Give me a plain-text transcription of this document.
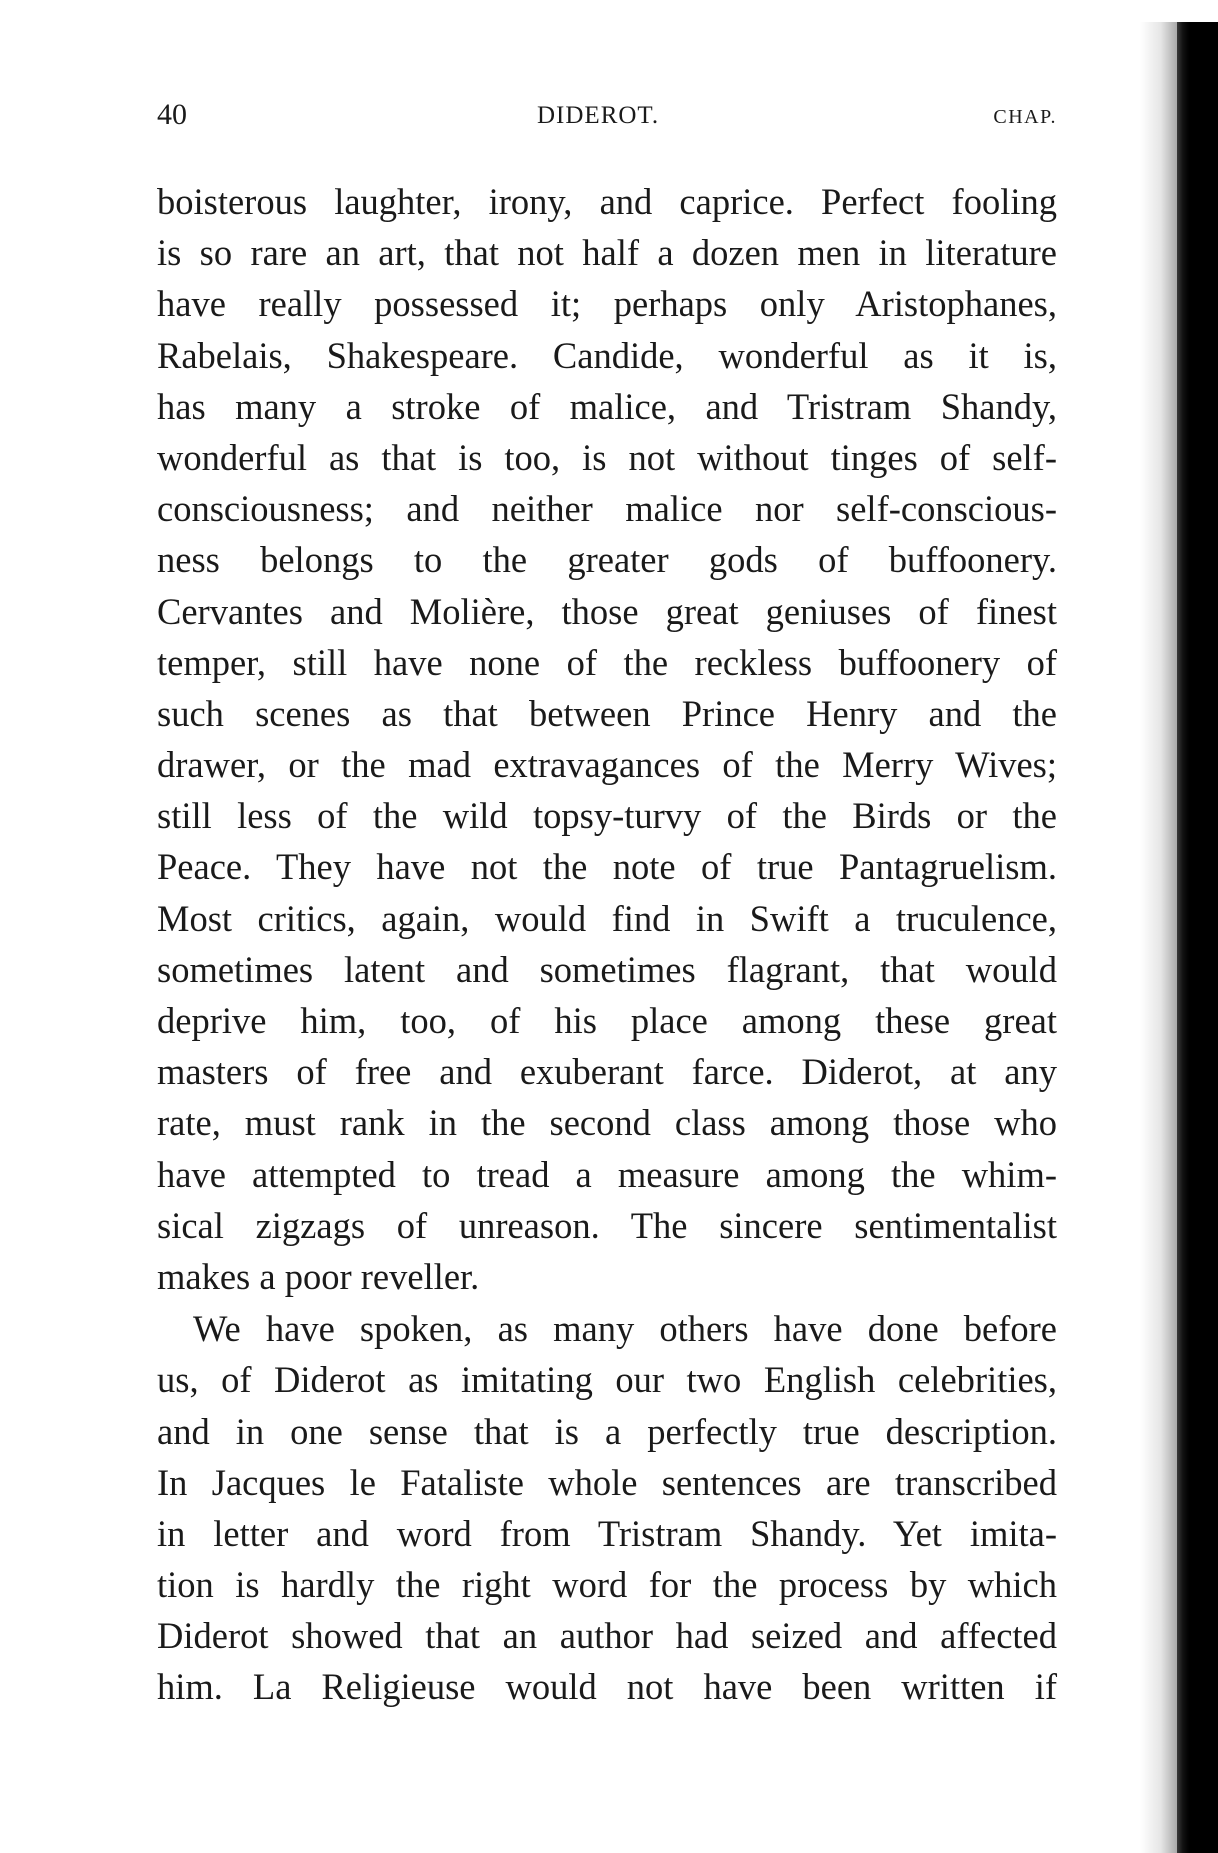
40	DIDEROT.	CHAP.
boisterous laughter, irony, and caprice. Perfect fooling
is so rare an art, that not half a dozen men in literature
have really possessed it; perhaps only Aristophanes,
Rabelais, Shakespeare. Candide, wonderful as it is,
has many a stroke of malice, and Tristram Shandy,
wonderful as that is too, is not without tinges of self-
consciousness; and neither malice nor self-conscious-
ness belongs to the greater gods of buffoonery.
Cervantes and Molière, those great geniuses of finest
temper, still have none of the reckless buffoonery of
such scenes as that between Prince Henry and the
drawer, or the mad extravagances of the Merry Wives;
still less of the wild topsy-turvy of the Birds or the
Peace. They have not the note of true Pantagruelism.
Most critics, again, would find in Swift a truculence,
sometimes latent and sometimes flagrant, that would
deprive him, too, of his place among these great
masters of free and exuberant farce. Diderot, at any
rate, must rank in the second class among those who
have attempted to tread a measure among the whim-
sical zigzags of unreason. The sincere sentimentalist
makes a poor reveller.
We have spoken, as many others have done before
us, of Diderot as imitating our two English celebrities,
and in one sense that is a perfectly true description.
In Jacques le Fataliste whole sentences are transcribed
in letter and word from Tristram Shandy. Yet imita-
tion is hardly the right word for the process by which
Diderot showed that an author had seized and affected
him. La Religieuse would not have been written if
